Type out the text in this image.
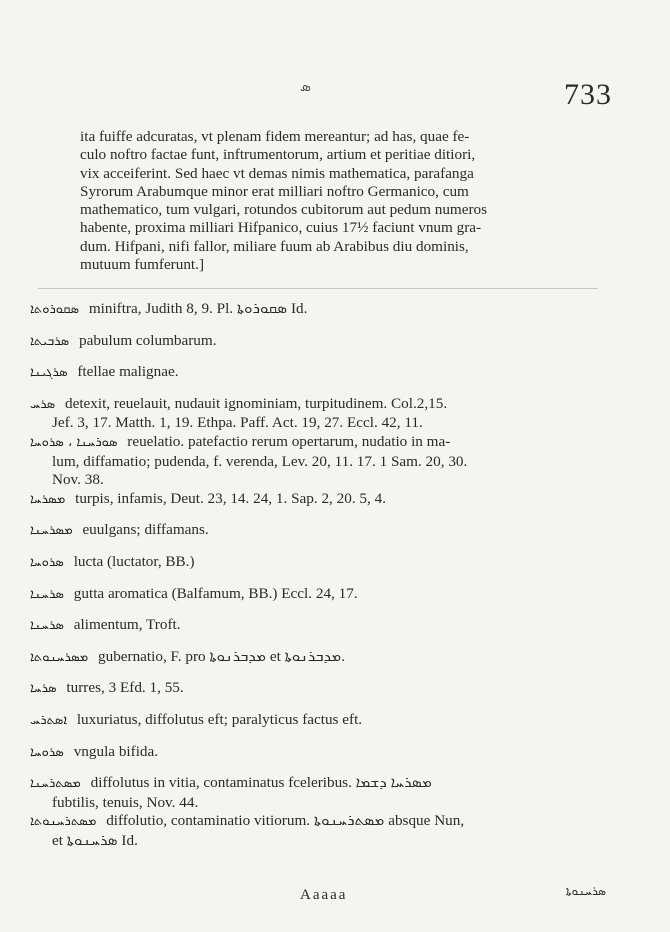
ܣ	733
ita fuiffe adcuratas, vt plenam fidem mereantur; ad has, quae fe-
culo noftro factae funt, inftrumentorum, artium et peritiae ditiori,
vix acceiferint. Sed haec vt demas nimis mathematica, parafanga
Syrorum Arabumque minor erat milliari noftro Germanico, cum
mathematico, tum vulgari, rotundos cubitorum aut pedum numeros
habente, proxima milliari Hifpanico, cuius 17½ faciunt vnum gra-
dum. Hifpani, nifi fallor, miliare fuum ab Arabibus diu dominis,
mutuum fumferunt.]
ܣܩܘܪܘܬܐ miniftra, Judith 8, 9. Pl. ܣܩܘܪܘܬܐ Id.
ܣܪܒܝܬܐ pabulum columbarum.
ܣܪܓܝܢܐ ftellae malignae.
ܣܪܚ detexit, reuelauit, nudauit ignominiam, turpitudinem. Col.2,15.
Jef. 3, 17. Matth. 1, 19. Ethpa. Paff. Act. 19, 27. Eccl. 42, 11.
ܣܘܪܚܢܐ ، ܣܪܘܚܐ reuelatio. patefactio rerum opertarum, nudatio in ma-
lum, diffamatio; pudenda, f. verenda, Lev. 20, 11. 17. 1 Sam. 20, 30.
Nov. 38.
ܡܣܪܚܐ turpis, infamis, Deut. 23, 14. 24, 1. Sap. 2, 20. 5, 4.
ܡܣܪܚܢܐ euulgans; diffamans.
ܣܪܘܚܐ lucta (luctator, BB.)
ܣܪܚܢܐ gutta aromatica (Balfamum, BB.) Eccl. 24, 17.
ܣܪܚܢܐ alimentum, Troft.
ܡܣܪܚܢܘܬܐ gubernatio, F. pro ܡܕܒܪܢܘܬܐ et ܡܕܒܪܢܘܬܐ.
ܣܪܚܐ turres, 3 Efd. 1, 55.
ܐܣܬܪܚ luxuriatus, diffolutus eft; paralyticus factus eft.
ܣܪܘܚܐ vngula bifida.
ܡܣܬܪܚܢܐ diffolutus in vitia, contaminatus fceleribus. ܡܣܪܚܐ ܕܫܡܐ
fubtilis, tenuis, Nov. 44.
ܡܣܬܪܚܢܘܬܐ diffolutio, contaminatio vitiorum. ܡܣܬܪܚܢܘܬܐ absque Nun,
et ܣܪܚܢܘܬܐ Id.
Aaaaa	ܣܪܚܢܘܬܐ
